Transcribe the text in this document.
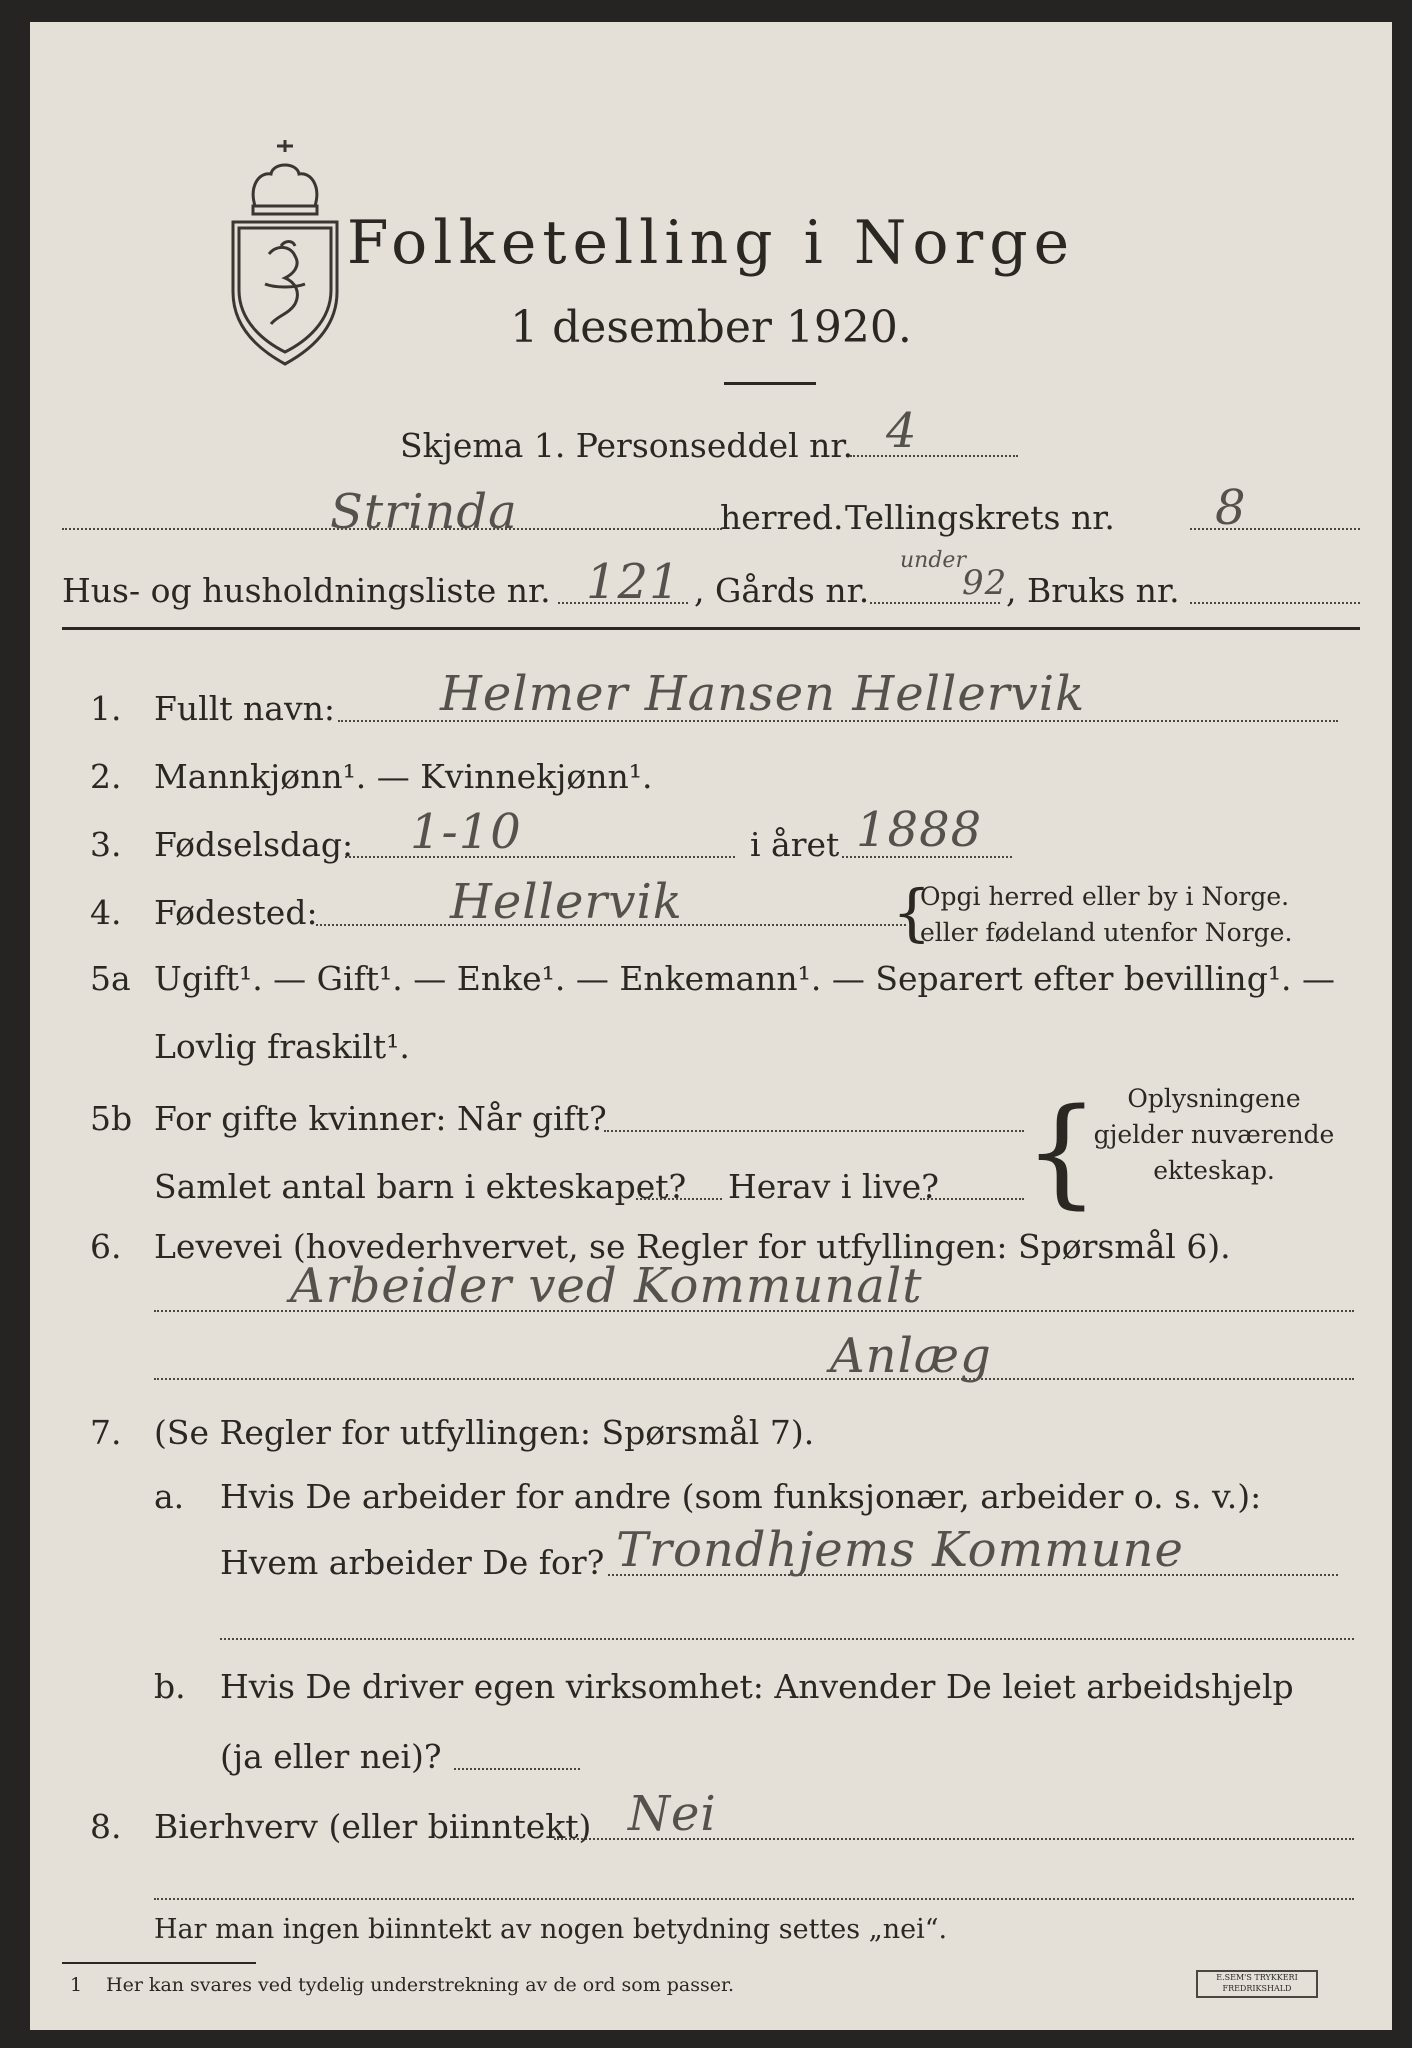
Folketelling i Norge
1 desember 1920.
Skjema 1. Personseddel nr. 4
Strinda	herred. Tellingskrets nr. 8
Hus- og husholdningsliste nr. 121 , Gårds nr.
under
92
, Bruks nr.
1. Fullt navn: Helmer Hansen Hellervik
2. Mannkjønn¹. — Kvinnekjønn¹.
3. Fødselsdag: 1-10	i året 1888
4. Fødested:	Hellervik	{
Opgi herred eller by i Norge.
eller fødeland utenfor Norge.
5a Ugift¹. — Gift¹. — Enke¹. — Enkemann¹. — Separert efter bevilling¹. —
Lovlig fraskilt¹.
5b For gifte kvinner: Når gift?
Samlet antal barn i ekteskapet? Herav i live? {	Oplysningene
gjelder nuværende
ekteskap.
6. Levevei (hovederhvervet, se Regler for utfyllingen: Spørsmål 6).
Arbeider ved Kommunalt
Anlæg
7. (Se Regler for utfyllingen: Spørsmål 7).
a. Hvis De arbeider for andre (som funksjonær, arbeider o. s. v.):
Hvem arbeider De for? Trondhjems Kommune
b. Hvis De driver egen virksomhet: Anvender De leiet arbeidshjelp
(ja eller nei)?
8. Bierhverv (eller biinntekt) Nei
Har man ingen biinntekt av nogen betydning settes „nei“.
1 Her kan svares ved tydelig understrekning av de ord som passer.	E.SEM'S TRYKKERI
FREDRIKSHALD
